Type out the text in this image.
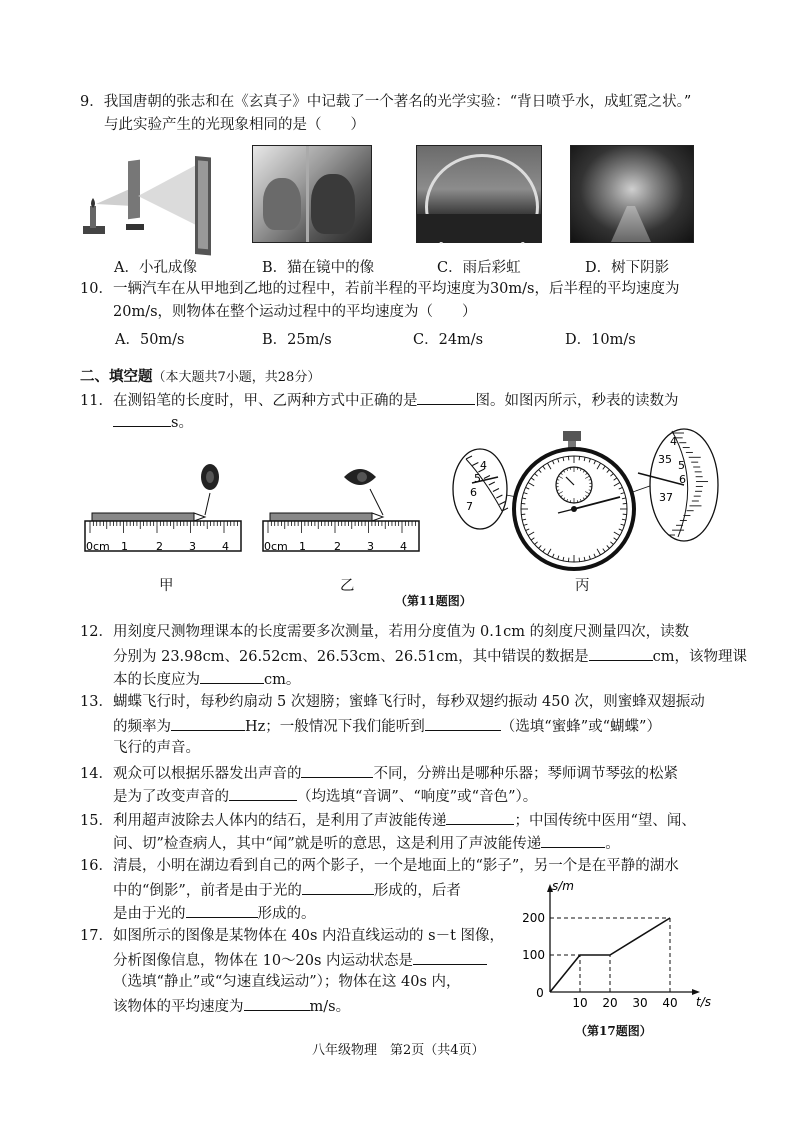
9．我国唐朝的张志和在《玄真子》中记载了一个著名的光学实验：“背日喷乎水，成虹霓之状。”
与此实验产生的光现象相同的是（　　）
A．小孔成像	B．猫在镜中的像	C．雨后彩虹	D．树下阴影
10．一辆汽车在从甲地到乙地的过程中，若前半程的平均速度为30m/s，后半程的平均速度为
20m/s，则物体在整个运动过程中的平均速度为（　　）
A．50m/s	B．25m/s	C．24m/s	D．10m/s
二、填空题（本大题共7小题，共28分）
11．在测铅笔的长度时，甲、乙两种方式中正确的是	图。如图丙所示，秒表的读数为
s。
0cm 1	2 3 4
甲
0cm 1	2 3 4
乙
4
5
6
7
4
35 5
6
37
丙
（第11题图）
12．用刻度尺测物理课本的长度需要多次测量，若用分度值为 0.1cm 的刻度尺测量四次，读数
分别为 23.98cm、26.52cm、26.53cm、26.51cm，其中错误的数据是	cm，该物理课
本的长度应为	cm。
13．蝴蝶飞行时，每秒约扇动 5 次翅膀；蜜蜂飞行时，每秒双翅约振动 450 次，则蜜蜂双翅振动
的频率为	Hz；一般情况下我们能听到	（选填“蜜蜂”或“蝴蝶”）
飞行的声音。
14．观众可以根据乐器发出声音的	不同，分辨出是哪种乐器；琴师调节琴弦的松紧
是为了改变声音的	（均选填“音调”、“响度”或“音色”）。
15．利用超声波除去人体内的结石，是利用了声波能传递	；中国传统中医用“望、闻、
问、切”检查病人，其中“闻”就是听的意思，这是利用了声波能传递	。
16．清晨，小明在湖边看到自己的两个影子，一个是地面上的“影子”，另一个是在平静的湖水
中的“倒影”，前者是由于光的	形成的，后者
是由于光的	形成的。
17．如图所示的图像是某物体在 40s 内沿直线运动的 s－t 图像，
分析图像信息，物体在 10～20s 内运动状态是
（选填“静止”或“匀速直线运动”）；物体在这 40s 内，
该物体的平均速度为	m/s。
s/m
t/s
0
10 20 30 40
100
200
（第17题图）
八年级物理　第2页（共4页）
